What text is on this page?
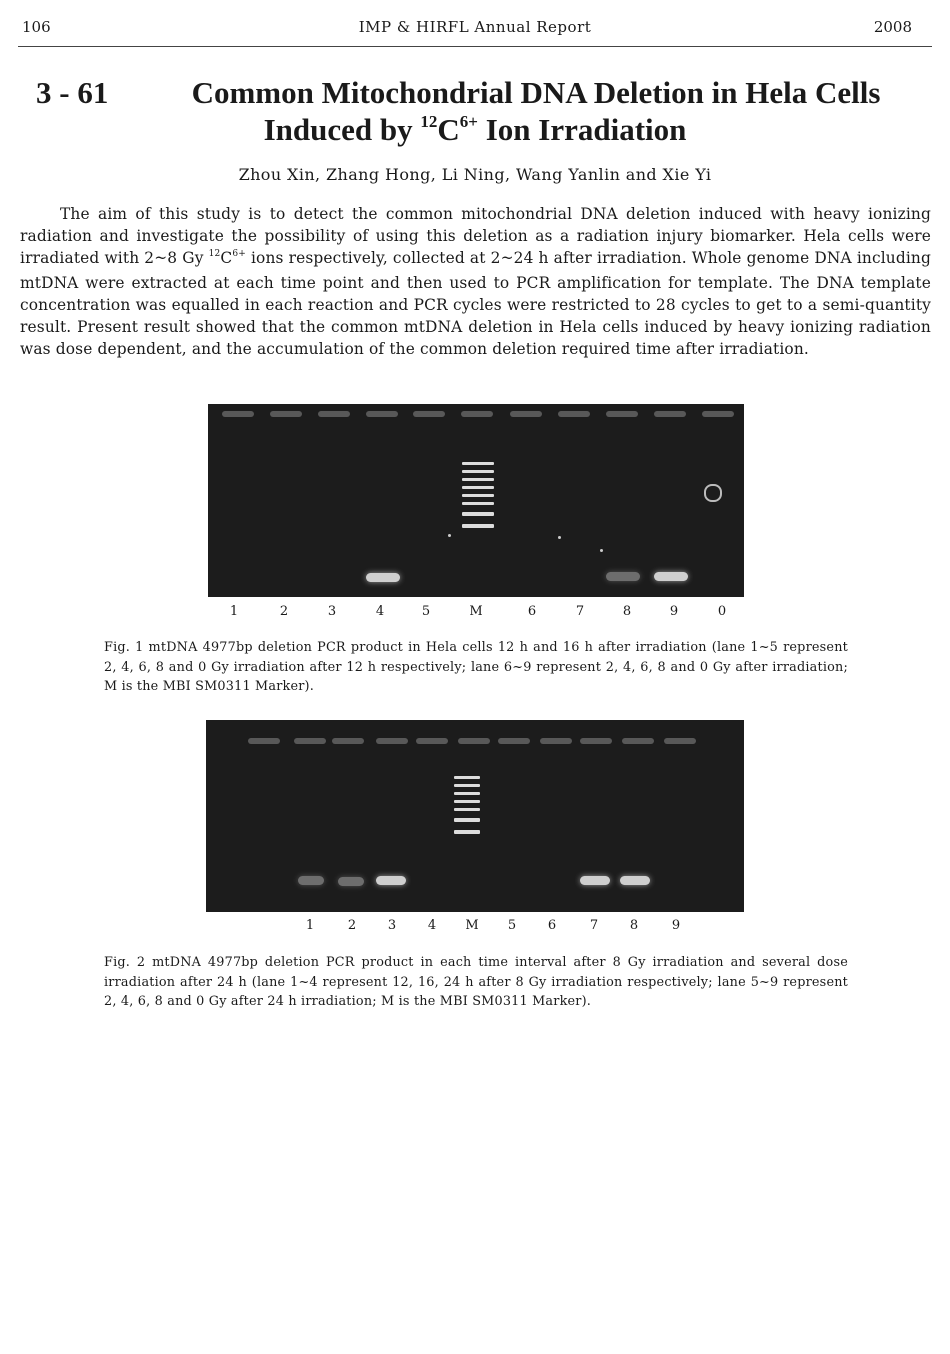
106	IMP & HIRFL Annual Report	2008
3 - 61	Common Mitochondrial DNA Deletion in Hela Cells
Induced by $^{12}C^{6+}$ Ion Irradiation
Zhou Xin, Zhang Hong, Li Ning, Wang Yanlin and Xie Yi

The aim of this study is to detect the common mitochondrial DNA deletion induced with heavy ionizing radiation and investigate the possibility of using this deletion as a radiation injury biomarker. Hela cells were irradiated with 2~8 Gy $^{12}C^{6+}$ ions respectively, collected at 2~24 h after irradiation. Whole genome DNA including mtDNA were extracted at each time point and then used to PCR amplification for template. The DNA template concentration was equalled in each reaction and PCR cycles were restricted to 28 cycles to get to a semi-quantity result. Present result showed that the common mtDNA deletion in Hela cells induced by heavy ionizing radiation was dose dependent, and the accumulation of the common deletion required time after irradiation.

1	2	3	4	5	M	6	7	8	9	0
Fig. 1 mtDNA 4977bp deletion PCR product in Hela cells 12 h and 16 h after irradiation (lane 1~5 represent 2, 4, 6, 8 and 0 Gy irradiation after 12 h respectively; lane 6~9 represent 2, 4, 6, 8 and 0 Gy after irradiation; M is the MBI SM0311 Marker).
1	2	3	4	M	5	6	7	8	9
Fig. 2 mtDNA 4977bp deletion PCR product in each time interval after 8 Gy irradiation and several dose irradiation after 24 h (lane 1~4 represent 12, 16, 24 h after 8 Gy irradiation respectively; lane 5~9 represent 2, 4, 6, 8 and 0 Gy after 24 h irradiation; M is the MBI SM0311 Marker).
